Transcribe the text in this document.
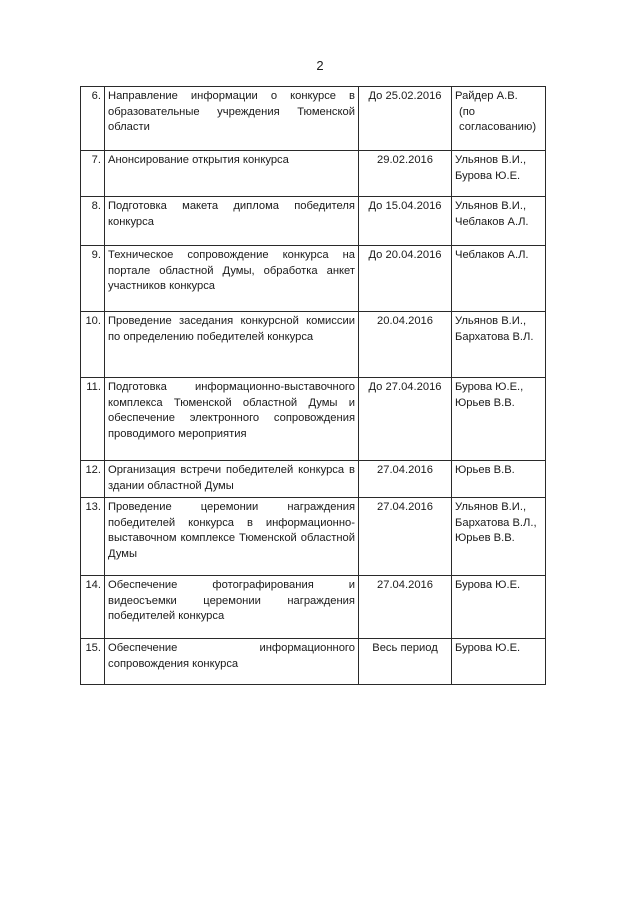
2
6.	Направление информации о конкурсе в образовательные учреждения Тюменской области	До 25.02.2016	Райдер А.В.
(по согласованию)

7.	Анонсирование открытия конкурса	29.02.2016	Ульянов В.И.,
Бурова Ю.Е.

8.	Подготовка макета диплома победителя конкурса	До 15.04.2016	Ульянов В.И.,
Чеблаков А.Л.

9.	Техническое сопровождение конкурса на портале областной Думы, обработка анкет участников конкурса	До 20.04.2016	Чеблаков А.Л.

10.	Проведение заседания конкурсной комиссии по определению победителей конкурса	20.04.2016	Ульянов В.И.,
Бархатова В.Л.

11.	Подготовка информационно-выставочного комплекса Тюменской областной Думы и обеспечение электронного сопровождения проводимого мероприятия	До 27.04.2016	Бурова Ю.Е.,
Юрьев В.В.

12.	Организация встречи победителей конкурса в здании областной Думы	27.04.2016	Юрьев В.В.

13.	Проведение церемонии награждения победителей конкурса в информационно-выставочном комплексе Тюменской областной Думы	27.04.2016	Ульянов В.И.,
Бархатова В.Л.,
Юрьев В.В.

14.	Обеспечение фотографирования и видеосъемки церемонии награждения победителей конкурса	27.04.2016	Бурова Ю.Е.

15.	Обеспечение информационного сопровождения конкурса	Весь период	Бурова Ю.Е.
